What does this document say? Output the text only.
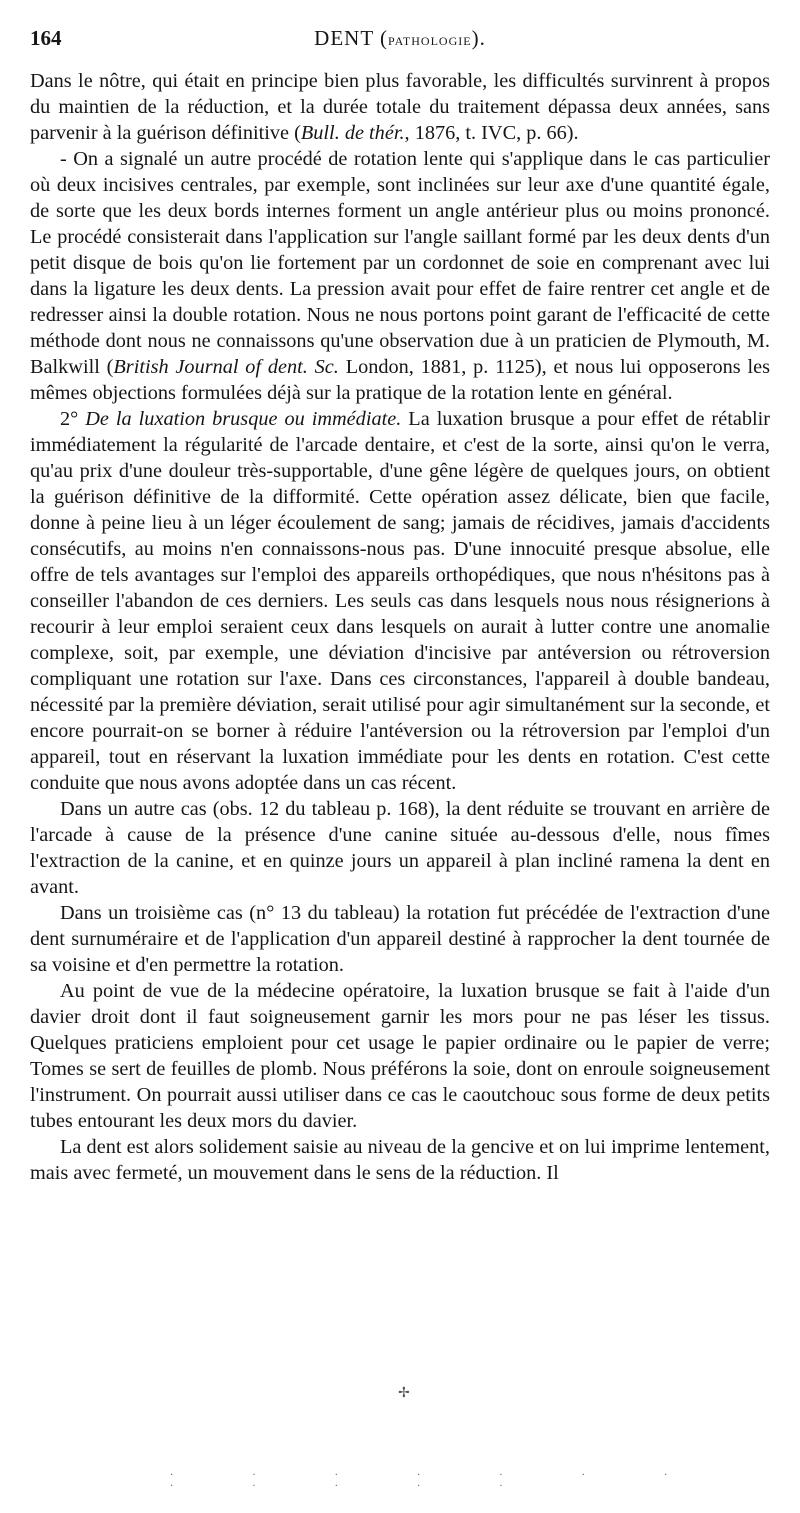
164	DENT (pathologie).

Dans le nôtre, qui était en principe bien plus favorable, les difficultés survinrent à propos du maintien de la réduction, et la durée totale du traitement dépassa deux années, sans parvenir à la guérison définitive (Bull. de thér., 1876, t. IVC, p. 66).

- On a signalé un autre procédé de rotation lente qui s'applique dans le cas particulier où deux incisives centrales, par exemple, sont inclinées sur leur axe d'une quantité égale, de sorte que les deux bords internes forment un angle antérieur plus ou moins prononcé. Le procédé consisterait dans l'application sur l'angle saillant formé par les deux dents d'un petit disque de bois qu'on lie fortement par un cordonnet de soie en comprenant avec lui dans la ligature les deux dents. La pression avait pour effet de faire rentrer cet angle et de redresser ainsi la double rotation. Nous ne nous portons point garant de l'efficacité de cette méthode dont nous ne connaissons qu'une observation due à un praticien de Plymouth, M. Balkwill (British Journal of dent. Sc. London, 1881, p. 1125), et nous lui opposerons les mêmes objections formulées déjà sur la pratique de la rotation lente en général.

2° De la luxation brusque ou immédiate. La luxation brusque a pour effet de rétablir immédiatement la régularité de l'arcade dentaire, et c'est de la sorte, ainsi qu'on le verra, qu'au prix d'une douleur très-supportable, d'une gêne légère de quelques jours, on obtient la guérison définitive de la difformité. Cette opération assez délicate, bien que facile, donne à peine lieu à un léger écoulement de sang; jamais de récidives, jamais d'accidents consécutifs, au moins n'en connaissons-nous pas. D'une innocuité presque absolue, elle offre de tels avantages sur l'emploi des appareils orthopédiques, que nous n'hésitons pas à conseiller l'abandon de ces derniers. Les seuls cas dans lesquels nous nous résignerions à recourir à leur emploi seraient ceux dans lesquels on aurait à lutter contre une anomalie complexe, soit, par exemple, une déviation d'incisive par antéversion ou rétroversion compliquant une rotation sur l'axe. Dans ces circonstances, l'appareil à double bandeau, nécessité par la première déviation, serait utilisé pour agir simultanément sur la seconde, et encore pourrait-on se borner à réduire l'antéversion ou la rétroversion par l'emploi d'un appareil, tout en réservant la luxation immédiate pour les dents en rotation. C'est cette conduite que nous avons adoptée dans un cas récent.

Dans un autre cas (obs. 12 du tableau p. 168), la dent réduite se trouvant en arrière de l'arcade à cause de la présence d'une canine située au-dessous d'elle, nous fîmes l'extraction de la canine, et en quinze jours un appareil à plan incliné ramena la dent en avant.

Dans un troisième cas (n° 13 du tableau) la rotation fut précédée de l'extraction d'une dent surnuméraire et de l'application d'un appareil destiné à rapprocher la dent tournée de sa voisine et d'en permettre la rotation.

Au point de vue de la médecine opératoire, la luxation brusque se fait à l'aide d'un davier droit dont il faut soigneusement garnir les mors pour ne pas léser les tissus. Quelques praticiens emploient pour cet usage le papier ordinaire ou le papier de verre; Tomes se sert de feuilles de plomb. Nous préférons la soie, dont on enroule soigneusement l'instrument. On pourrait aussi utiliser dans ce cas le caoutchouc sous forme de deux petits tubes entourant les deux mors du davier.

La dent est alors solidement saisie au niveau de la gencive et on lui imprime lentement, mais avec fermeté, un mouvement dans le sens de la réduction. Il

✢
· · · · · · · · · · · ·
